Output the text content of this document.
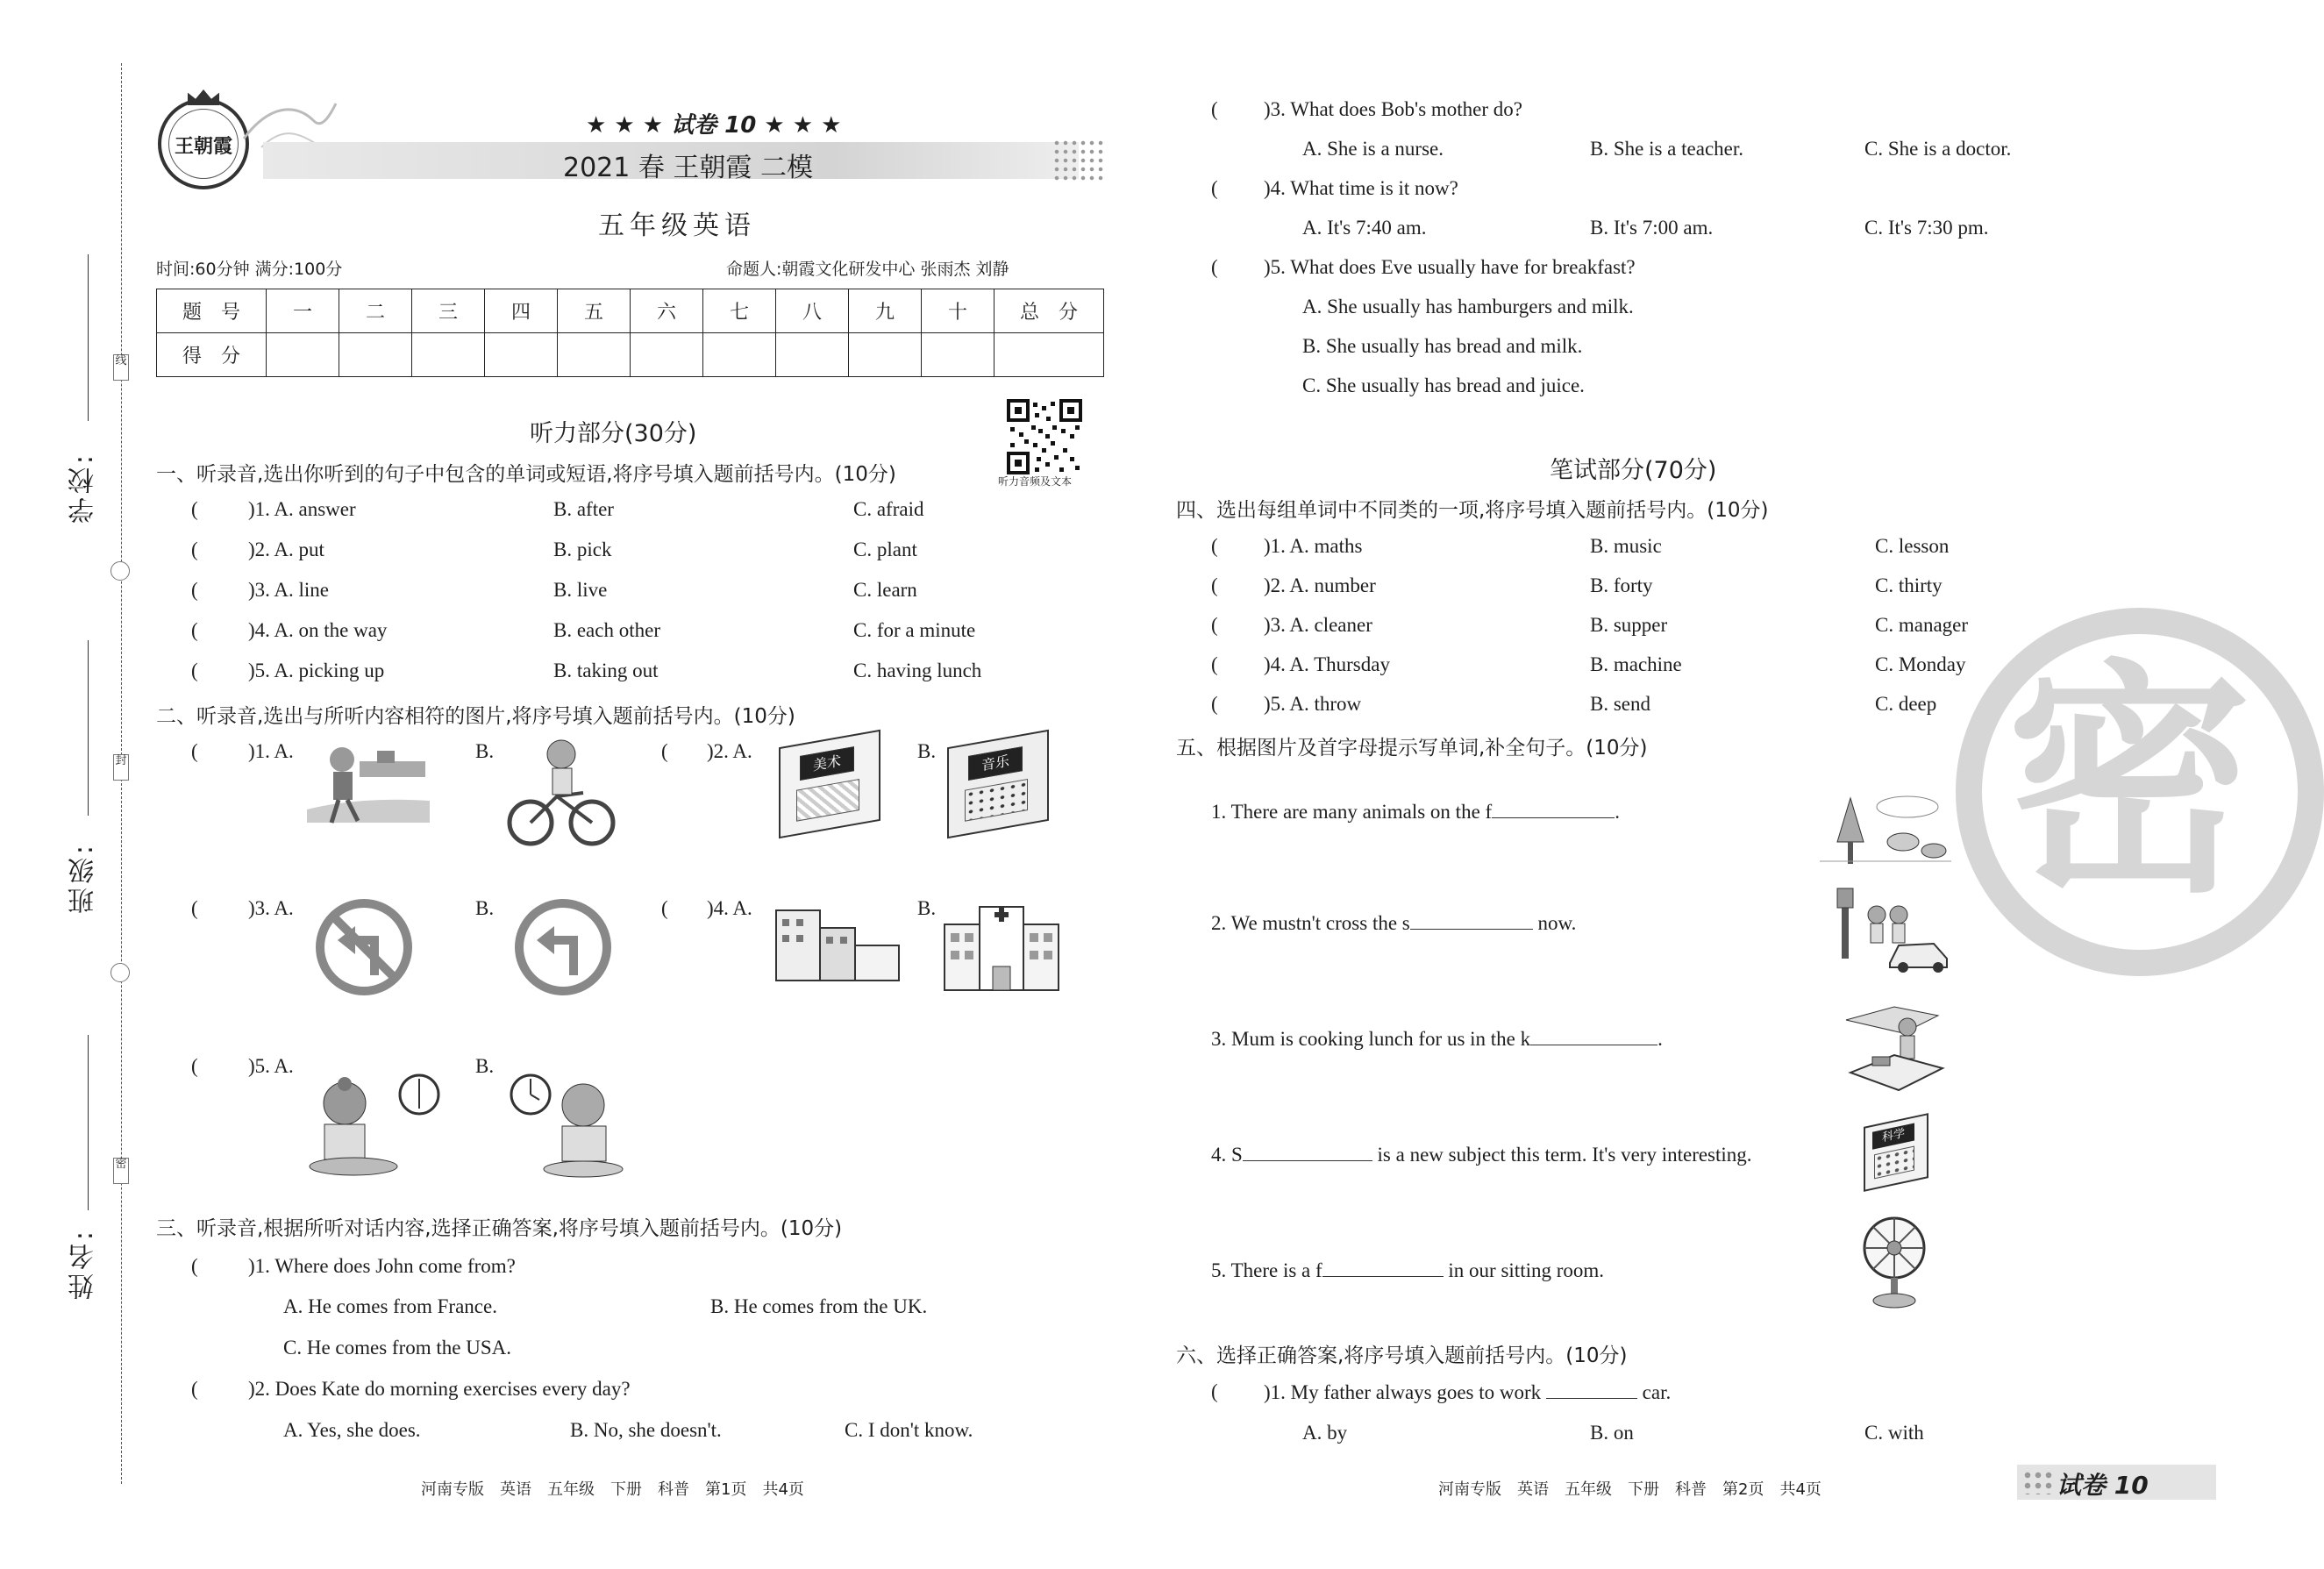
学校:
班级:
姓名:
线
封
密
王朝霞
★ ★ ★ 试卷 10 ★ ★ ★
2021 春 王朝霞 二模
五年级英语
时间:60分钟 满分:100分	命题人:朝霞文化研发中心 张雨杰 刘静
题　号	一	二	三	四	五	六	七	八	九	十	总　分
得　分											
听力音频及文本
听力部分(30分)
一、听录音,选出你听到的句子中包含的单词或短语,将序号填入题前括号内。(10分)
( )1. A. answer	B. after	C. afraid
( )2. A. put	B. pick	C. plant
( )3. A. line	B. live	C. learn
( )4. A. on the way	B. each other	C. for a minute
( )5. A. picking up	B. taking out	C. having lunch
二、听录音,选出与所听内容相符的图片,将序号填入题前括号内。(10分)
( )1. A.	B.	( )2. A.
美术
B.
音乐
( )3. A.	B.	( )4. A.	B.
( )5. A.	B.
三、听录音,根据所听对话内容,选择正确答案,将序号填入题前括号内。(10分)
( )1. Where does John come from?
A. He comes from France.	B. He comes from the UK.
C. He comes from the USA.
( )2. Does Kate do morning exercises every day?
A. Yes, she does.	B. No, she doesn't.	C. I don't know.
( )3. What does Bob's mother do?
A. She is a nurse.	B. She is a teacher.	C. She is a doctor.
( )4. What time is it now?
A. It's 7:40 am.	B. It's 7:00 am.	C. It's 7:30 pm.
( )5. What does Eve usually have for breakfast?
A. She usually has hamburgers and milk.
B. She usually has bread and milk.
C. She usually has bread and juice.
密
笔试部分(70分)
四、选出每组单词中不同类的一项,将序号填入题前括号内。(10分)
( )1. A. maths	B. music	C. lesson
( )2. A. number	B. forty	C. thirty
( )3. A. cleaner	B. supper	C. manager
( )4. A. Thursday	B. machine	C. Monday
( )5. A. throw	B. send	C. deep
五、根据图片及首字母提示写单词,补全句子。(10分)
1. There are many animals on the f	.
2. We mustn't cross the s	now.
3. Mum is cooking lunch for us in the k	.
4. S	is a new subject this term. It's very interesting.
科学
5. There is a f	in our sitting room.
六、选择正确答案,将序号填入题前括号内。(10分)
( )1. My father always goes to work	car.
A. by	B. on	C. with
河南专版　英语　五年级　下册　科普　第1页　共4页	河南专版　英语　五年级　下册　科普　第2页　共4页	试卷 10
